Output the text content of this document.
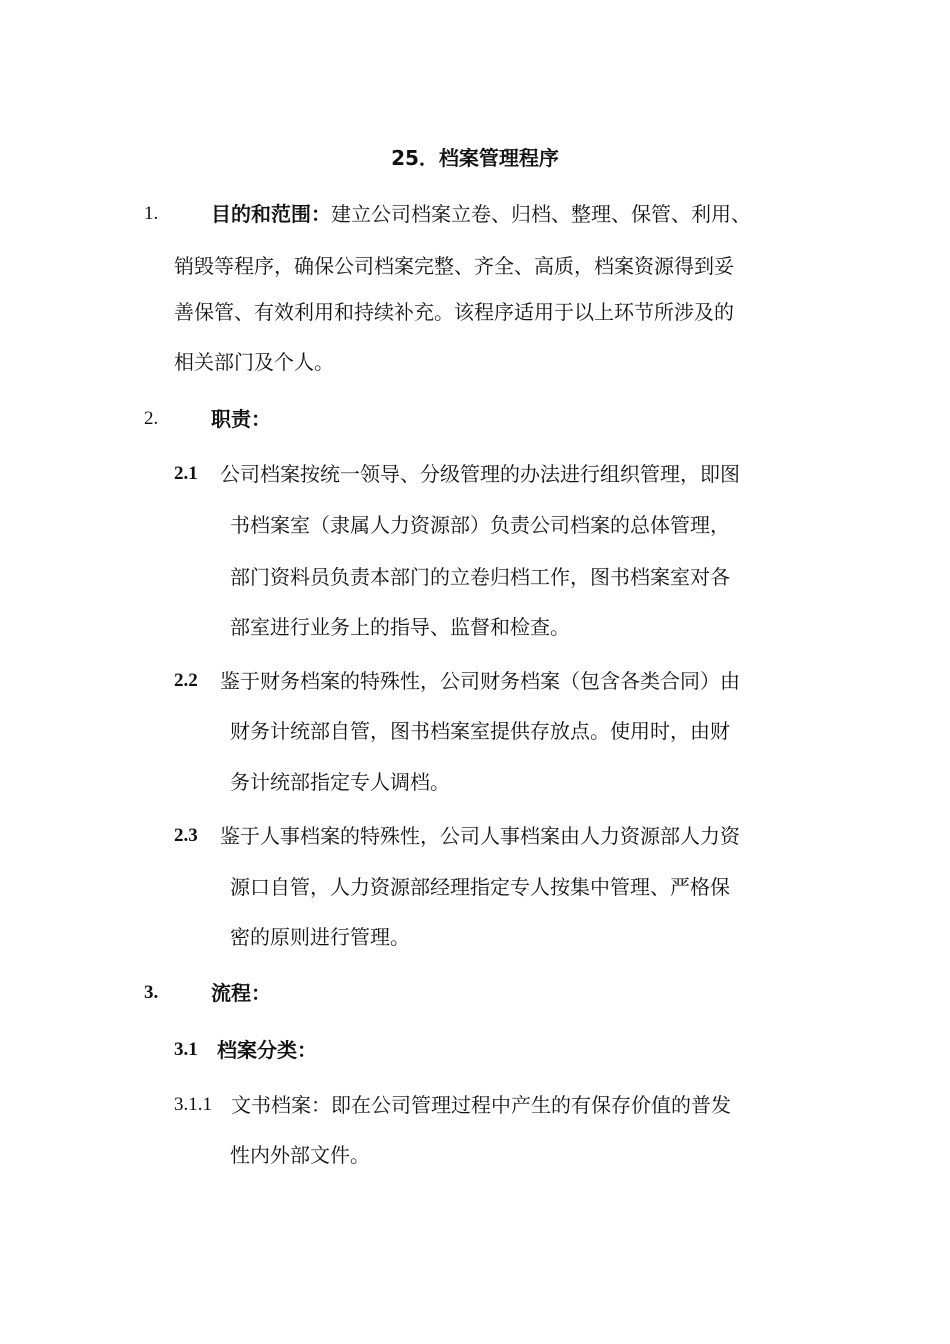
25．档案管理程序
1.	目的和范围：建立公司档案立卷、归档、整理、保管、利用、
销毁等程序，确保公司档案完整、齐全、高质，档案资源得到妥
善保管、有效利用和持续补充。该程序适用于以上环节所涉及的
相关部门及个人。
2.	职责：
2.1 公司档案按统一领导、分级管理的办法进行组织管理，即图
书档案室（隶属人力资源部）负责公司档案的总体管理，
部门资料员负责本部门的立卷归档工作，图书档案室对各
部室进行业务上的指导、监督和检查。
2.2 鉴于财务档案的特殊性，公司财务档案（包含各类合同）由
财务计统部自管，图书档案室提供存放点。使用时，由财
务计统部指定专人调档。
2.3 鉴于人事档案的特殊性，公司人事档案由人力资源部人力资
源口自管，人力资源部经理指定专人按集中管理、严格保
密的原则进行管理。
3.	流程：
3.1 档案分类：
3.1.1 文书档案：即在公司管理过程中产生的有保存价值的普发
性内外部文件。
